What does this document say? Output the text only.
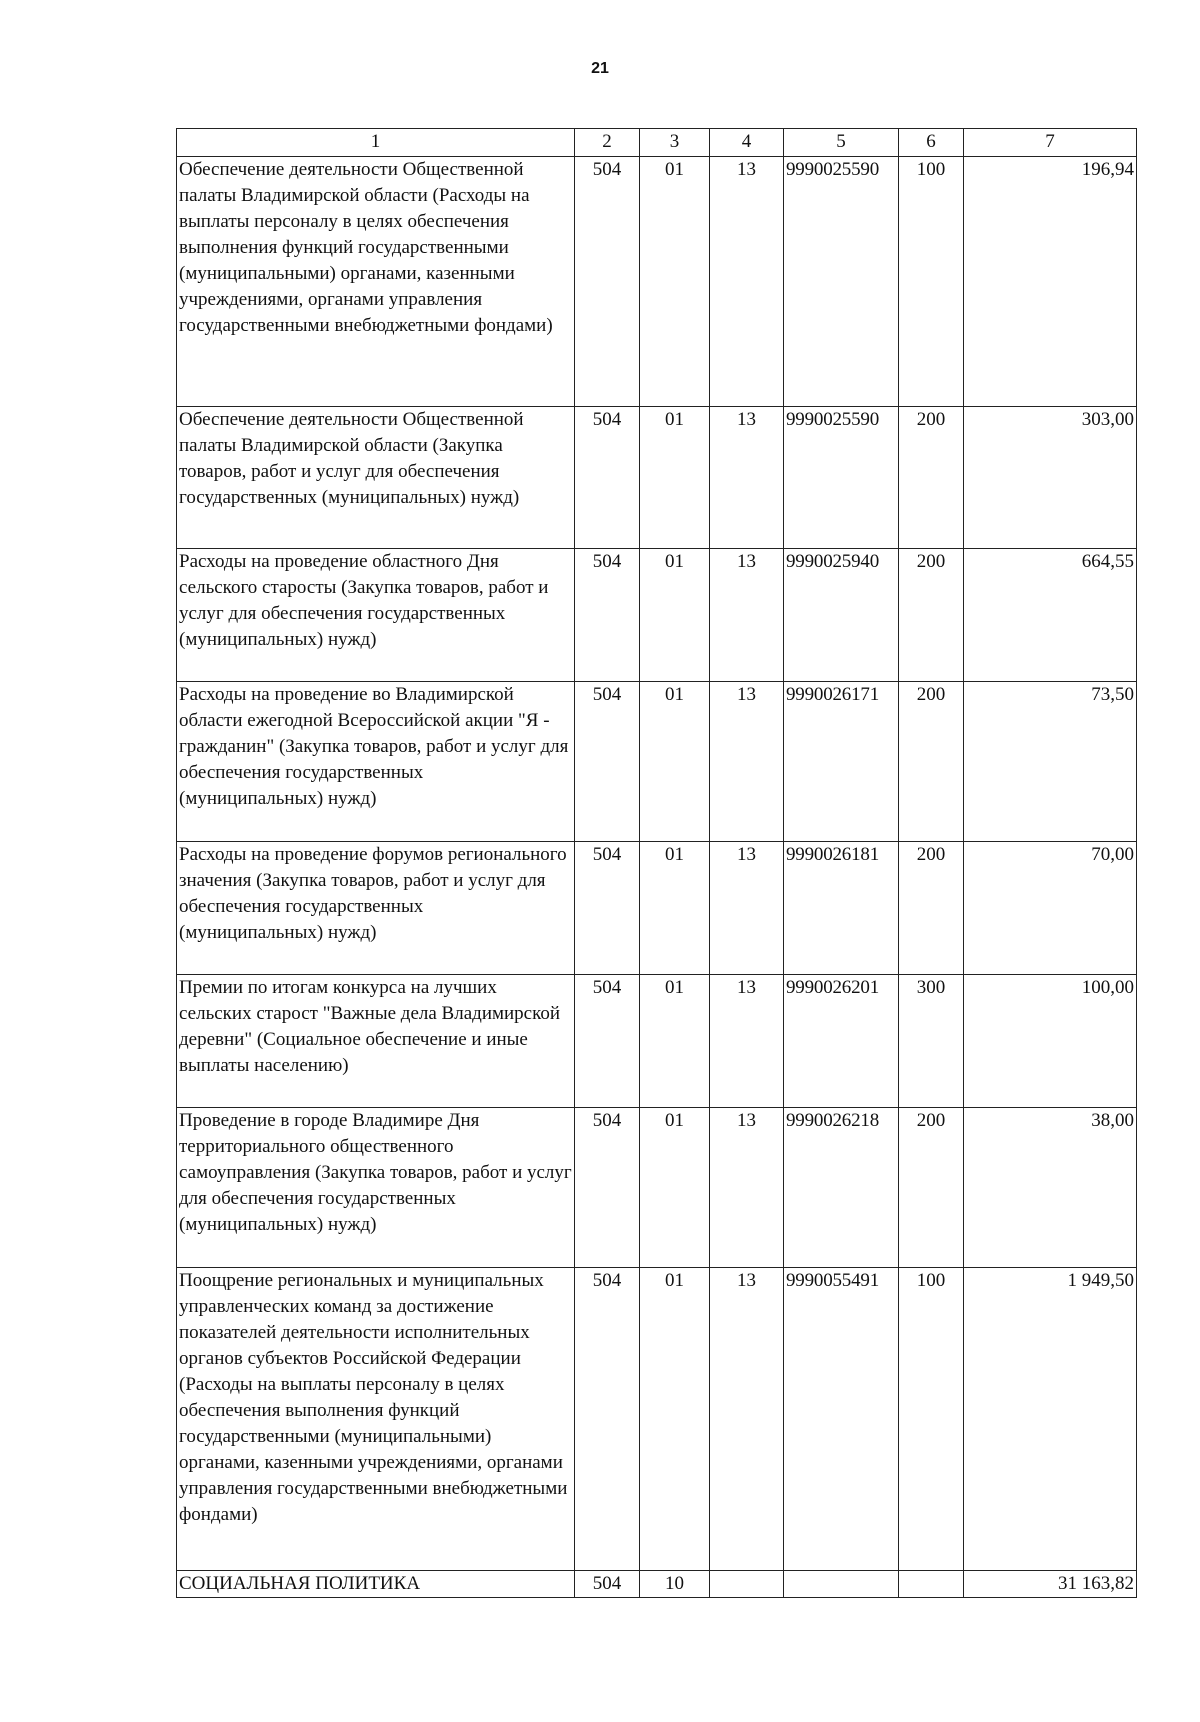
21
1	2	3	4	5	6	7
Обеспечение деятельности Общественной палаты Владимирской области (Расходы на выплаты персоналу в целях обеспечения выполнения функций государственными (муниципальными) органами, казенными учреждениями, органами управления государственными внебюджетными фондами)	504	01	13	9990025590	100	196,94
Обеспечение деятельности Общественной палаты Владимирской области (Закупка товаров, работ и услуг для обеспечения государственных (муниципальных) нужд)	504	01	13	9990025590	200	303,00
Расходы на проведение областного Дня сельского старосты (Закупка товаров, работ и услуг для обеспечения государственных (муниципальных) нужд)	504	01	13	9990025940	200	664,55
Расходы на проведение во Владимирской области ежегодной Всероссийской акции "Я - гражданин" (Закупка товаров, работ и услуг для обеспечения государственных (муниципальных) нужд)	504	01	13	9990026171	200	73,50
Расходы на проведение форумов регионального значения (Закупка товаров, работ и услуг для обеспечения государственных (муниципальных) нужд)	504	01	13	9990026181	200	70,00
Премии по итогам конкурса на лучших сельских старост "Важные дела Владимирской деревни" (Социальное обеспечение и иные выплаты населению)	504	01	13	9990026201	300	100,00
Проведение в городе Владимире Дня территориального общественного самоуправления (Закупка товаров, работ и услуг для обеспечения государственных (муниципальных) нужд)	504	01	13	9990026218	200	38,00
Поощрение региональных и муниципальных управленческих команд за достижение показателей деятельности исполнительных органов субъектов Российской Федерации (Расходы на выплаты персоналу в целях обеспечения выполнения функций государственными (муниципальными) органами, казенными учреждениями, органами управления государственными внебюджетными фондами)	504	01	13	9990055491	100	1 949,50
СОЦИАЛЬНАЯ ПОЛИТИКА	504	10				31 163,82
